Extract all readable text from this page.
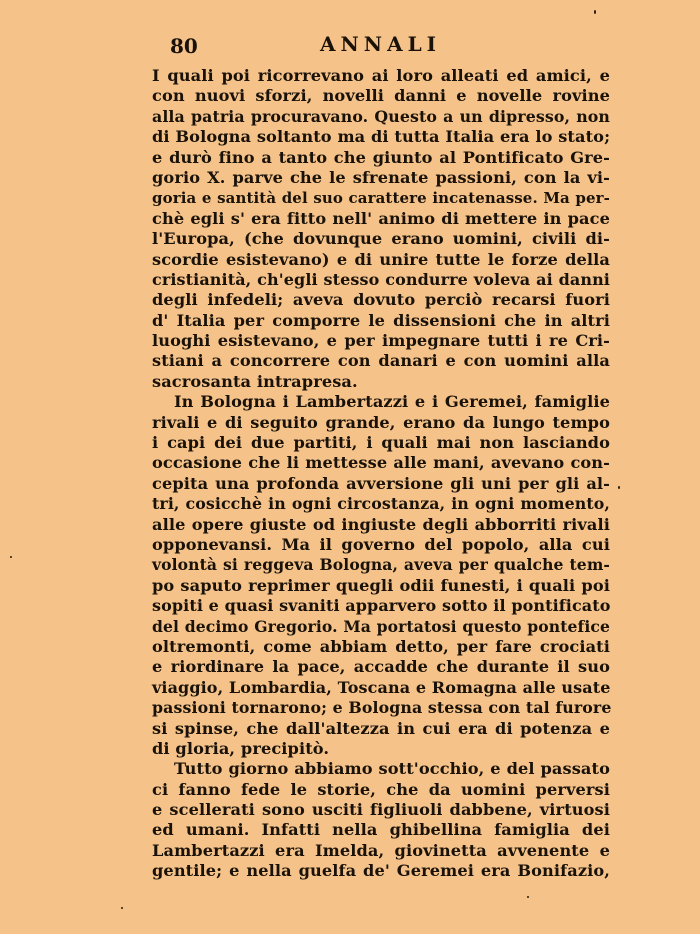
80	ANNALI
I quali poi ricorrevano ai loro alleati ed amici, e
con nuovi sforzi, novelli danni e novelle rovine
alla patria procuravano. Questo a un dipresso, non
di Bologna soltanto ma di tutta Italia era lo stato;
e durò fino a tanto che giunto al Pontificato Gre-
gorio X. parve che le sfrenate passioni, con la vi-
goria e santità del suo carattere incatenasse. Ma per-
chè egli s' era fitto nell' animo di mettere in pace
l'Europa, (che dovunque erano uomini, civili di-
scordie esistevano) e di unire tutte le forze della
cristianità, ch'egli stesso condurre voleva ai danni
degli infedeli; aveva dovuto perciò recarsi fuori
d' Italia per comporre le dissensioni che in altri
luoghi esistevano, e per impegnare tutti i re Cri-
stiani a concorrere con danari e con uomini alla
sacrosanta intrapresa.
In Bologna i Lambertazzi e i Geremei, famiglie
rivali e di seguito grande, erano da lungo tempo
i capi dei due partiti, i quali mai non lasciando
occasione che li mettesse alle mani, avevano con-
cepita una profonda avversione gli uni per gli al-
tri, cosicchè in ogni circostanza, in ogni momento,
alle opere giuste od ingiuste degli abborriti rivali
opponevansi. Ma il governo del popolo, alla cui
volontà si reggeva Bologna, aveva per qualche tem-
po saputo reprimer quegli odii funesti, i quali poi
sopiti e quasi svaniti apparvero sotto il pontificato
del decimo Gregorio. Ma portatosi questo pontefice
oltremonti, come abbiam detto, per fare crociati
e riordinare la pace, accadde che durante il suo
viaggio, Lombardia, Toscana e Romagna alle usate
passioni tornarono; e Bologna stessa con tal furore
si spinse, che dall'altezza in cui era di potenza e
di gloria, precipitò.
Tutto giorno abbiamo sott'occhio, e del passato
ci fanno fede le storie, che da uomini perversi
e scellerati sono usciti figliuoli dabbene, virtuosi
ed umani. Infatti nella ghibellina famiglia dei
Lambertazzi era Imelda, giovinetta avvenente e
gentile; e nella guelfa de' Geremei era Bonifazio,
